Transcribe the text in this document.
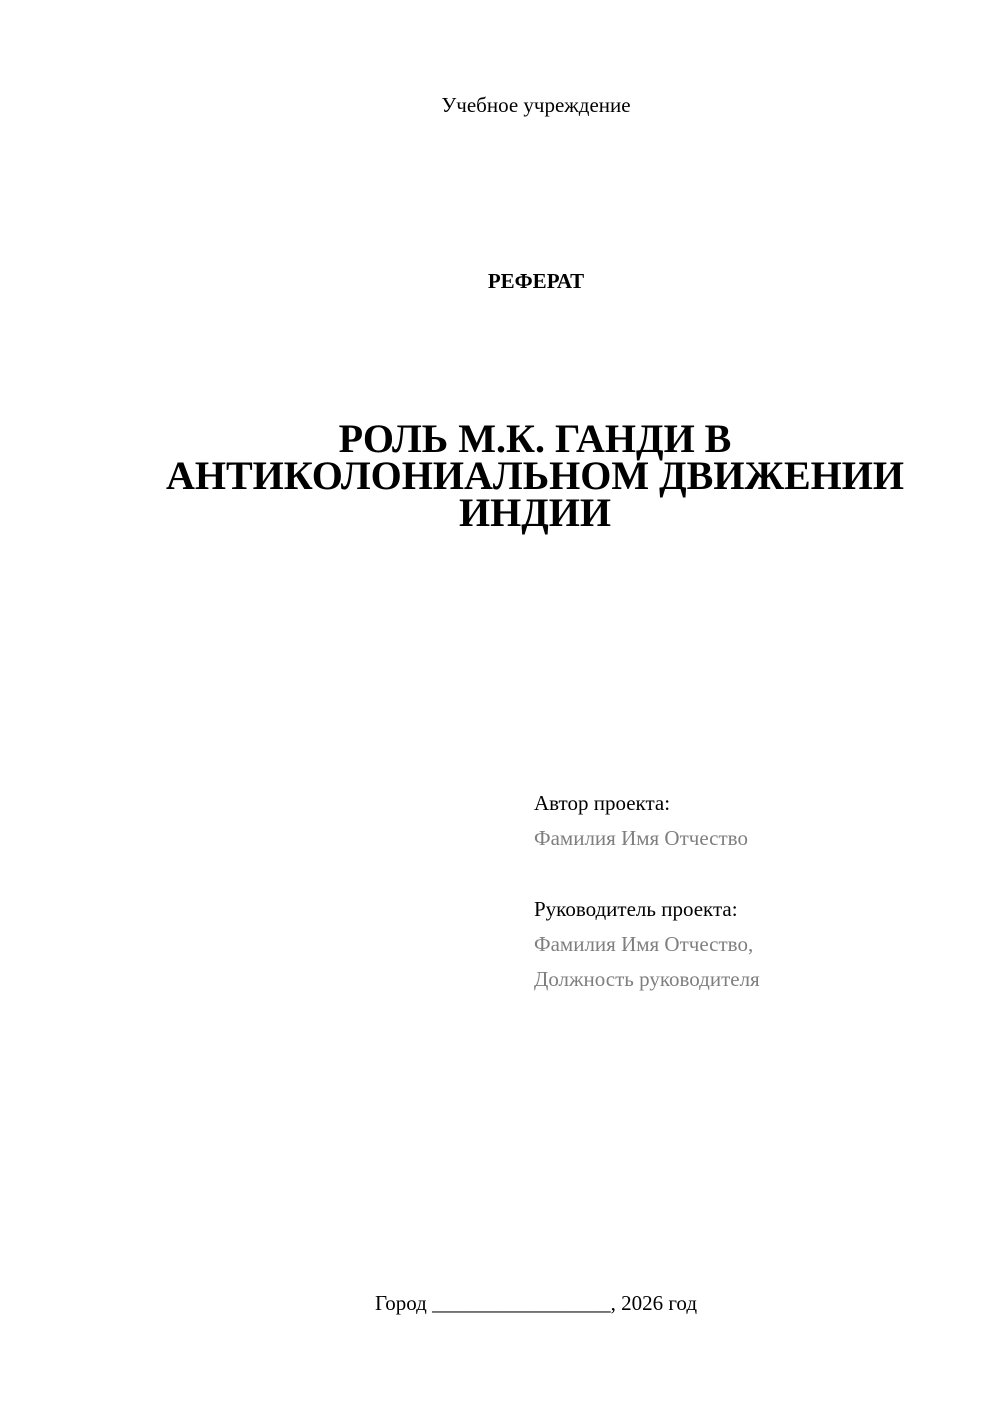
Учебное учреждение
РЕФЕРАТ
РОЛЬ М.К. ГАНДИ В
АНТИКОЛОНИАЛЬНОМ ДВИЖЕНИИ
ИНДИИ
Автор проекта:
Фамилия Имя Отчество
Руководитель проекта:
Фамилия Имя Отчество,
Должность руководителя
Город _________________, 2026 год
